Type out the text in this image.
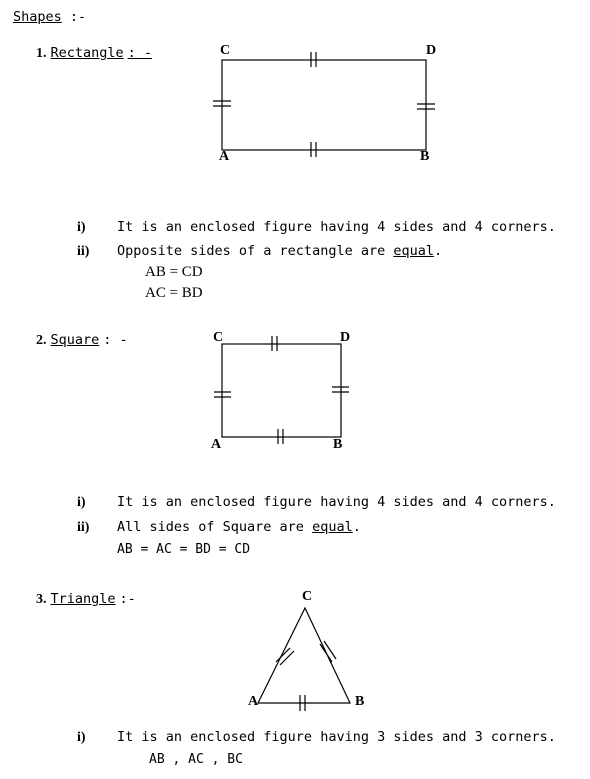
Shapes :-
1. Rectangle : -	C	D
A	B
i) It is an enclosed figure having 4 sides and 4 corners.
ii) Opposite sides of a rectangle are equal.
AB = CD
AC = BD
2. Square : -	C	D
A	B
i) It is an enclosed figure having 4 sides and 4 corners.
ii) All sides of Square are equal.
AB = AC = BD = CD
3. Triangle :-	C
A	B
i) It is an enclosed figure having 3 sides and 3 corners.
AB , AC , BC
